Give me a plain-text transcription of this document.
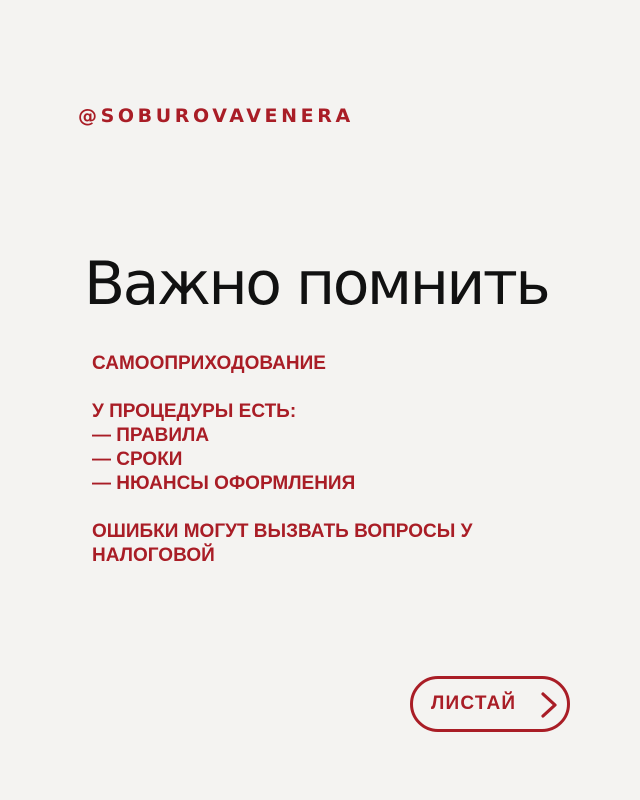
@SOBUROVAVENERA
Важно помнить
САМООПРИХОДОВАНИЕ
У ПРОЦЕДУРЫ ЕСТЬ:
— ПРАВИЛА
— СРОКИ
— НЮАНСЫ ОФОРМЛЕНИЯ
ОШИБКИ МОГУТ ВЫЗВАТЬ ВОПРОСЫ У НАЛОГОВОЙ
ЛИСТАЙ
